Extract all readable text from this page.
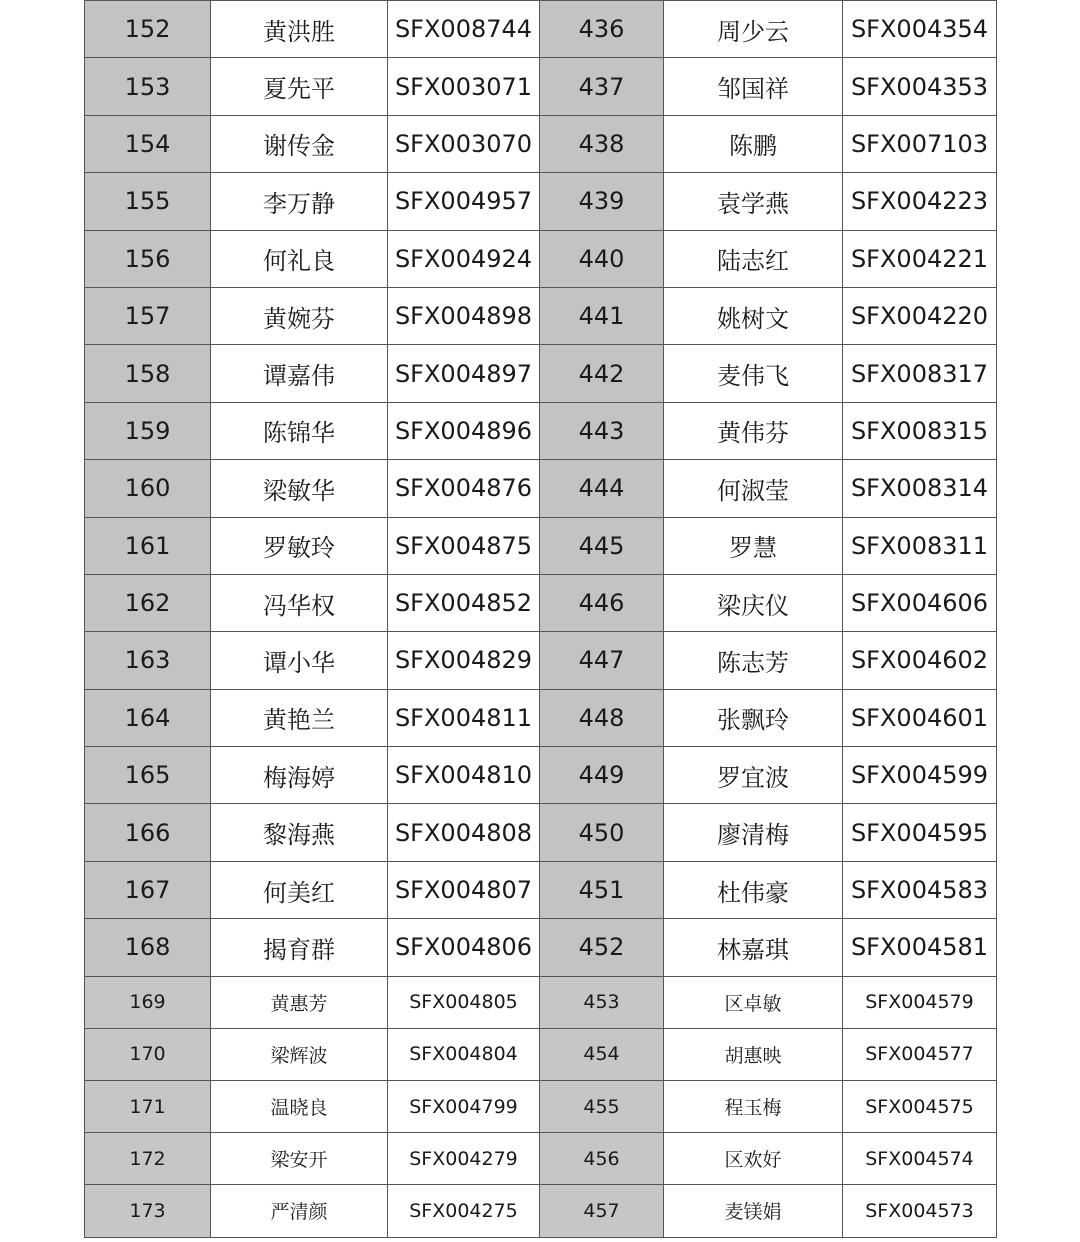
152	黄洪胜	SFX008744	436	周少云	SFX004354
153	夏先平	SFX003071	437	邹国祥	SFX004353
154	谢传金	SFX003070	438	陈鹏	SFX007103
155	李万静	SFX004957	439	袁学燕	SFX004223
156	何礼良	SFX004924	440	陆志红	SFX004221
157	黄婉芬	SFX004898	441	姚树文	SFX004220
158	谭嘉伟	SFX004897	442	麦伟飞	SFX008317
159	陈锦华	SFX004896	443	黄伟芬	SFX008315
160	梁敏华	SFX004876	444	何淑莹	SFX008314
161	罗敏玲	SFX004875	445	罗慧	SFX008311
162	冯华权	SFX004852	446	梁庆仪	SFX004606
163	谭小华	SFX004829	447	陈志芳	SFX004602
164	黄艳兰	SFX004811	448	张飘玲	SFX004601
165	梅海婷	SFX004810	449	罗宜波	SFX004599
166	黎海燕	SFX004808	450	廖清梅	SFX004595
167	何美红	SFX004807	451	杜伟豪	SFX004583
168	揭育群	SFX004806	452	林嘉琪	SFX004581
169	黄惠芳	SFX004805	453	区卓敏	SFX004579
170	梁辉波	SFX004804	454	胡惠映	SFX004577
171	温晓良	SFX004799	455	程玉梅	SFX004575
172	梁安开	SFX004279	456	区欢好	SFX004574
173	严清颜	SFX004275	457	麦镁娟	SFX004573
